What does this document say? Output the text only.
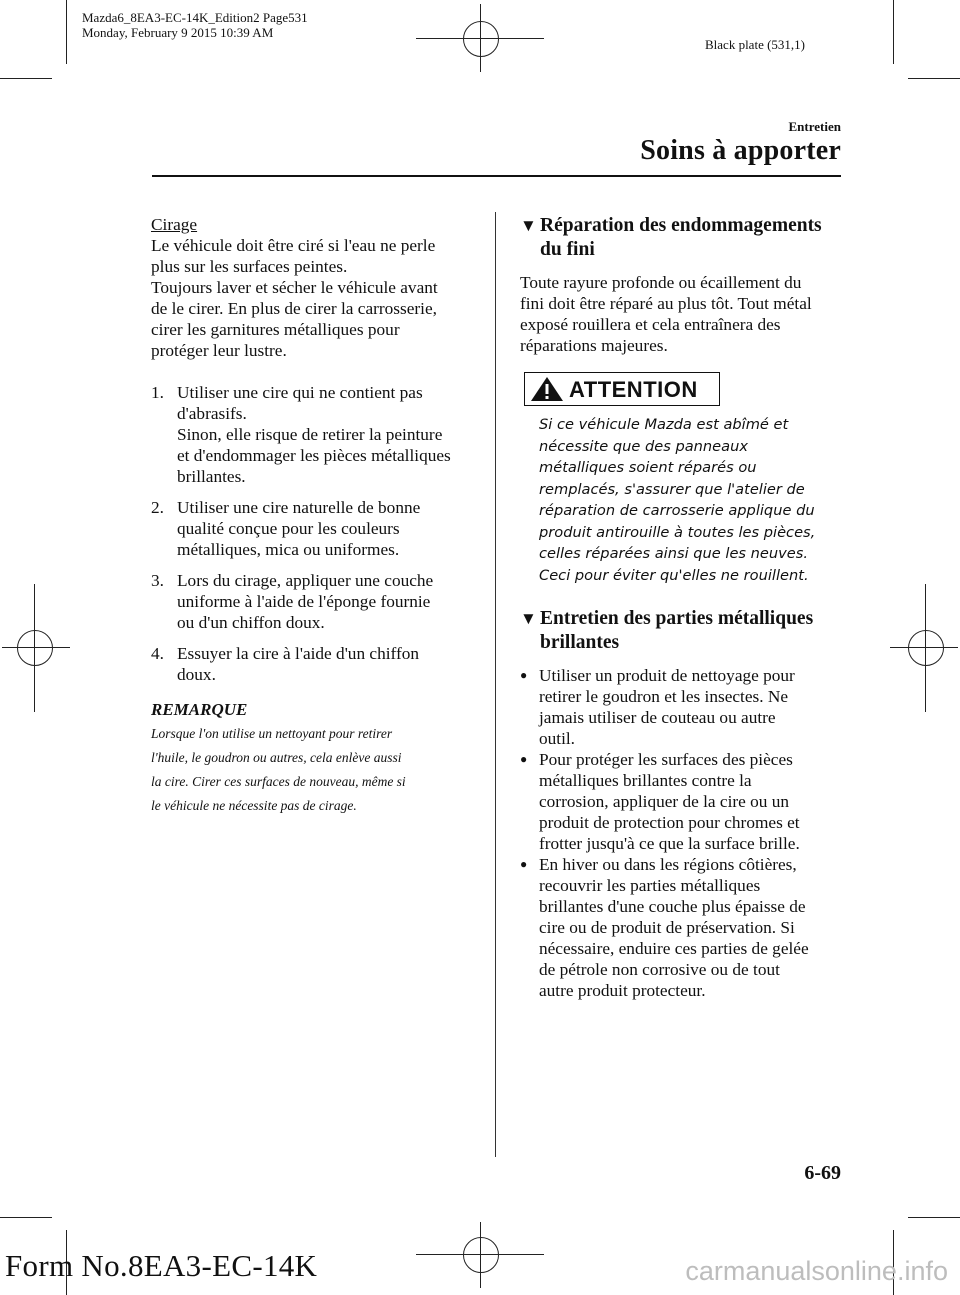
Mazda6_8EA3-EC-14K_Edition2 Page531
Monday, February 9 2015 10:39 AM
Black plate (531,1)
Entretien
Soins à apporter

Cirage

Le véhicule doit être ciré si l'eau ne perle

plus sur les surfaces peintes.

Toujours laver et sécher le véhicule avant

de le cirer. En plus de cirer la carrosserie,

cirer les garnitures métalliques pour

protéger leur lustre.

1. Utiliser une cire qui ne contient pas
d'abrasifs.
Sinon, elle risque de retirer la peinture
et d'endommager les pièces métalliques
brillantes.
2. Utiliser une cire naturelle de bonne
qualité conçue pour les couleurs
métalliques, mica ou uniformes.
3. Lors du cirage, appliquer une couche
uniforme à l'aide de l'éponge fournie
ou d'un chiffon doux.
4. Essuyer la cire à l'aide d'un chiffon
doux.
REMARQUE
Lorsque l'on utilise un nettoyant pour retirer
l'huile, le goudron ou autres, cela enlève aussi
la cire. Cirer ces surfaces de nouveau, même si
le véhicule ne nécessite pas de cirage.
▼ Réparation des endommagements
du fini

Toute rayure profonde ou écaillement du

fini doit être réparé au plus tôt. Tout métal

exposé rouillera et cela entraînera des

réparations majeures.

ATTENTION
Si ce véhicule Mazda est abîmé et
nécessite que des panneaux
métalliques soient réparés ou
remplacés, s'assurer que l'atelier de
réparation de carrosserie applique du
produit antirouille à toutes les pièces,
celles réparées ainsi que les neuves.
Ceci pour éviter qu'elles ne rouillent.
▼ Entretien des parties métalliques
brillantes
● Utiliser un produit de nettoyage pour
retirer le goudron et les insectes. Ne
jamais utiliser de couteau ou autre
outil.
● Pour protéger les surfaces des pièces
métalliques brillantes contre la
corrosion, appliquer de la cire ou un
produit de protection pour chromes et
frotter jusqu'à ce que la surface brille.
● En hiver ou dans les régions côtières,
recouvrir les parties métalliques
brillantes d'une couche plus épaisse de
cire ou de produit de préservation. Si
nécessaire, enduire ces parties de gelée
de pétrole non corrosive ou de tout
autre produit protecteur.
6-69
Form No.8EA3-EC-14K	carmanualsonline.info
